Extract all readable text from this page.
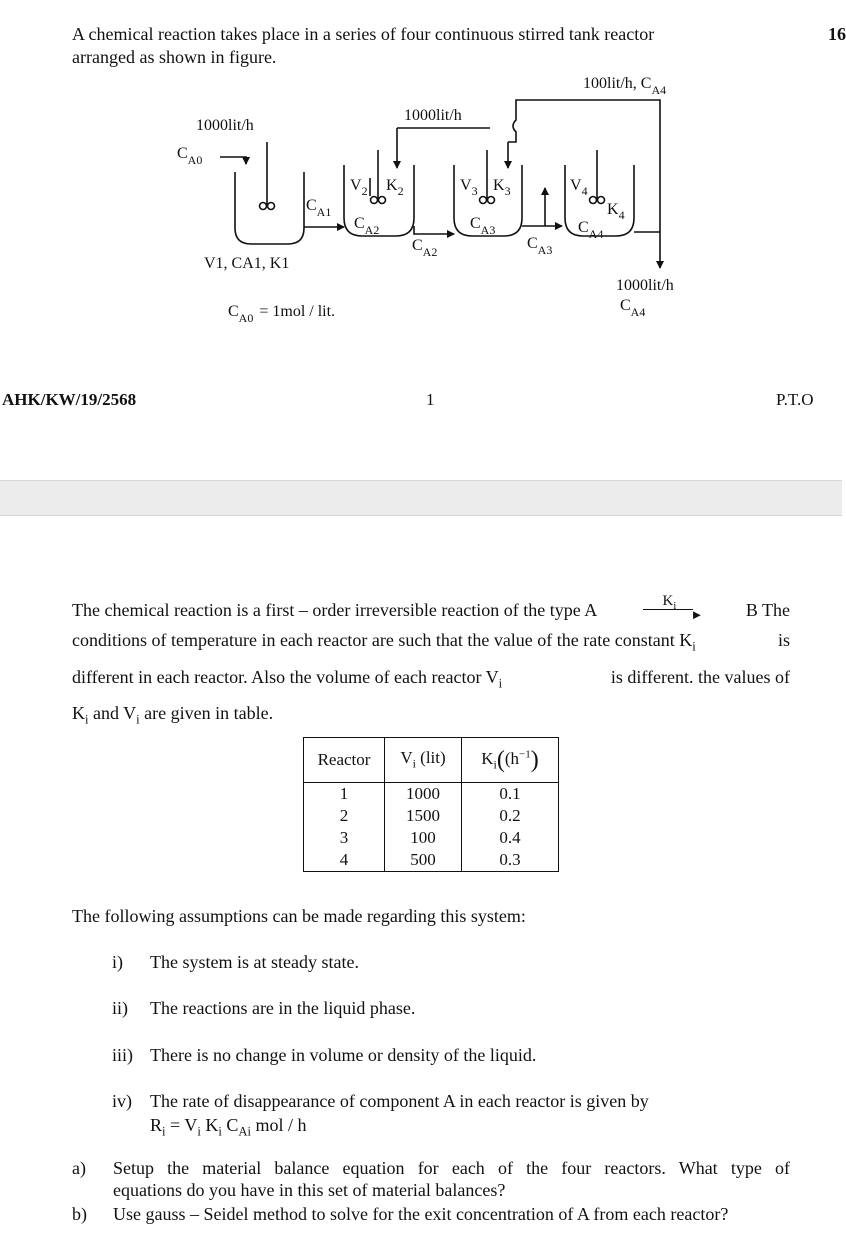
A chemical reaction takes place in a series of four continuous stirred tank reactor
arranged as shown in figure.
16
100lit/h, $C_{A4}$
1000lit/h
1000lit/h
$C_{A0}$
$C_{A1}$
$V_2$ $K_2$
$C_{A2}$
$C_{A2}$
$V_3$ $K_3$
$C_{A3}$
$C_{A3}$
$V_4$
$K_4$
$C_{A4}$
V1, CA1, K1
1000lit/h
$C_{A4}$
$C_{A0} = 1mol$ / lit.
AHK/KW/19/2568	1	P.T.O
The chemical reaction is a first – order irreversible reaction of the type A	$K_i$
► B The
conditions of temperature in each reactor are such that the value of the rate constant $K_i$	is
different in each reactor. Also the volume of each reactor $V_i$	is different. the values of
$K_i$ and $V_i$ are given in table.
Reactor	$V_i$ (lit)	$K_i((h^{-1})$
1	1000	0.1
2	1500	0.2
3	100	0.4
4	500	0.3
The following assumptions can be made regarding this system:
i) The system is at steady state.
ii) The reactions are in the liquid phase.
iii) There is no change in volume or density of the liquid.
iv) The rate of disappearance of component A in each reactor is given by
$R_i = V_i$ $K_i$ $C_{Ai}$ mol / h
a)	Setup the material balance equation for each of the four reactors. What type of
equations do you have in this set of material balances?
b)	Use gauss – Seidel method to solve for the exit concentration of A from each reactor?
